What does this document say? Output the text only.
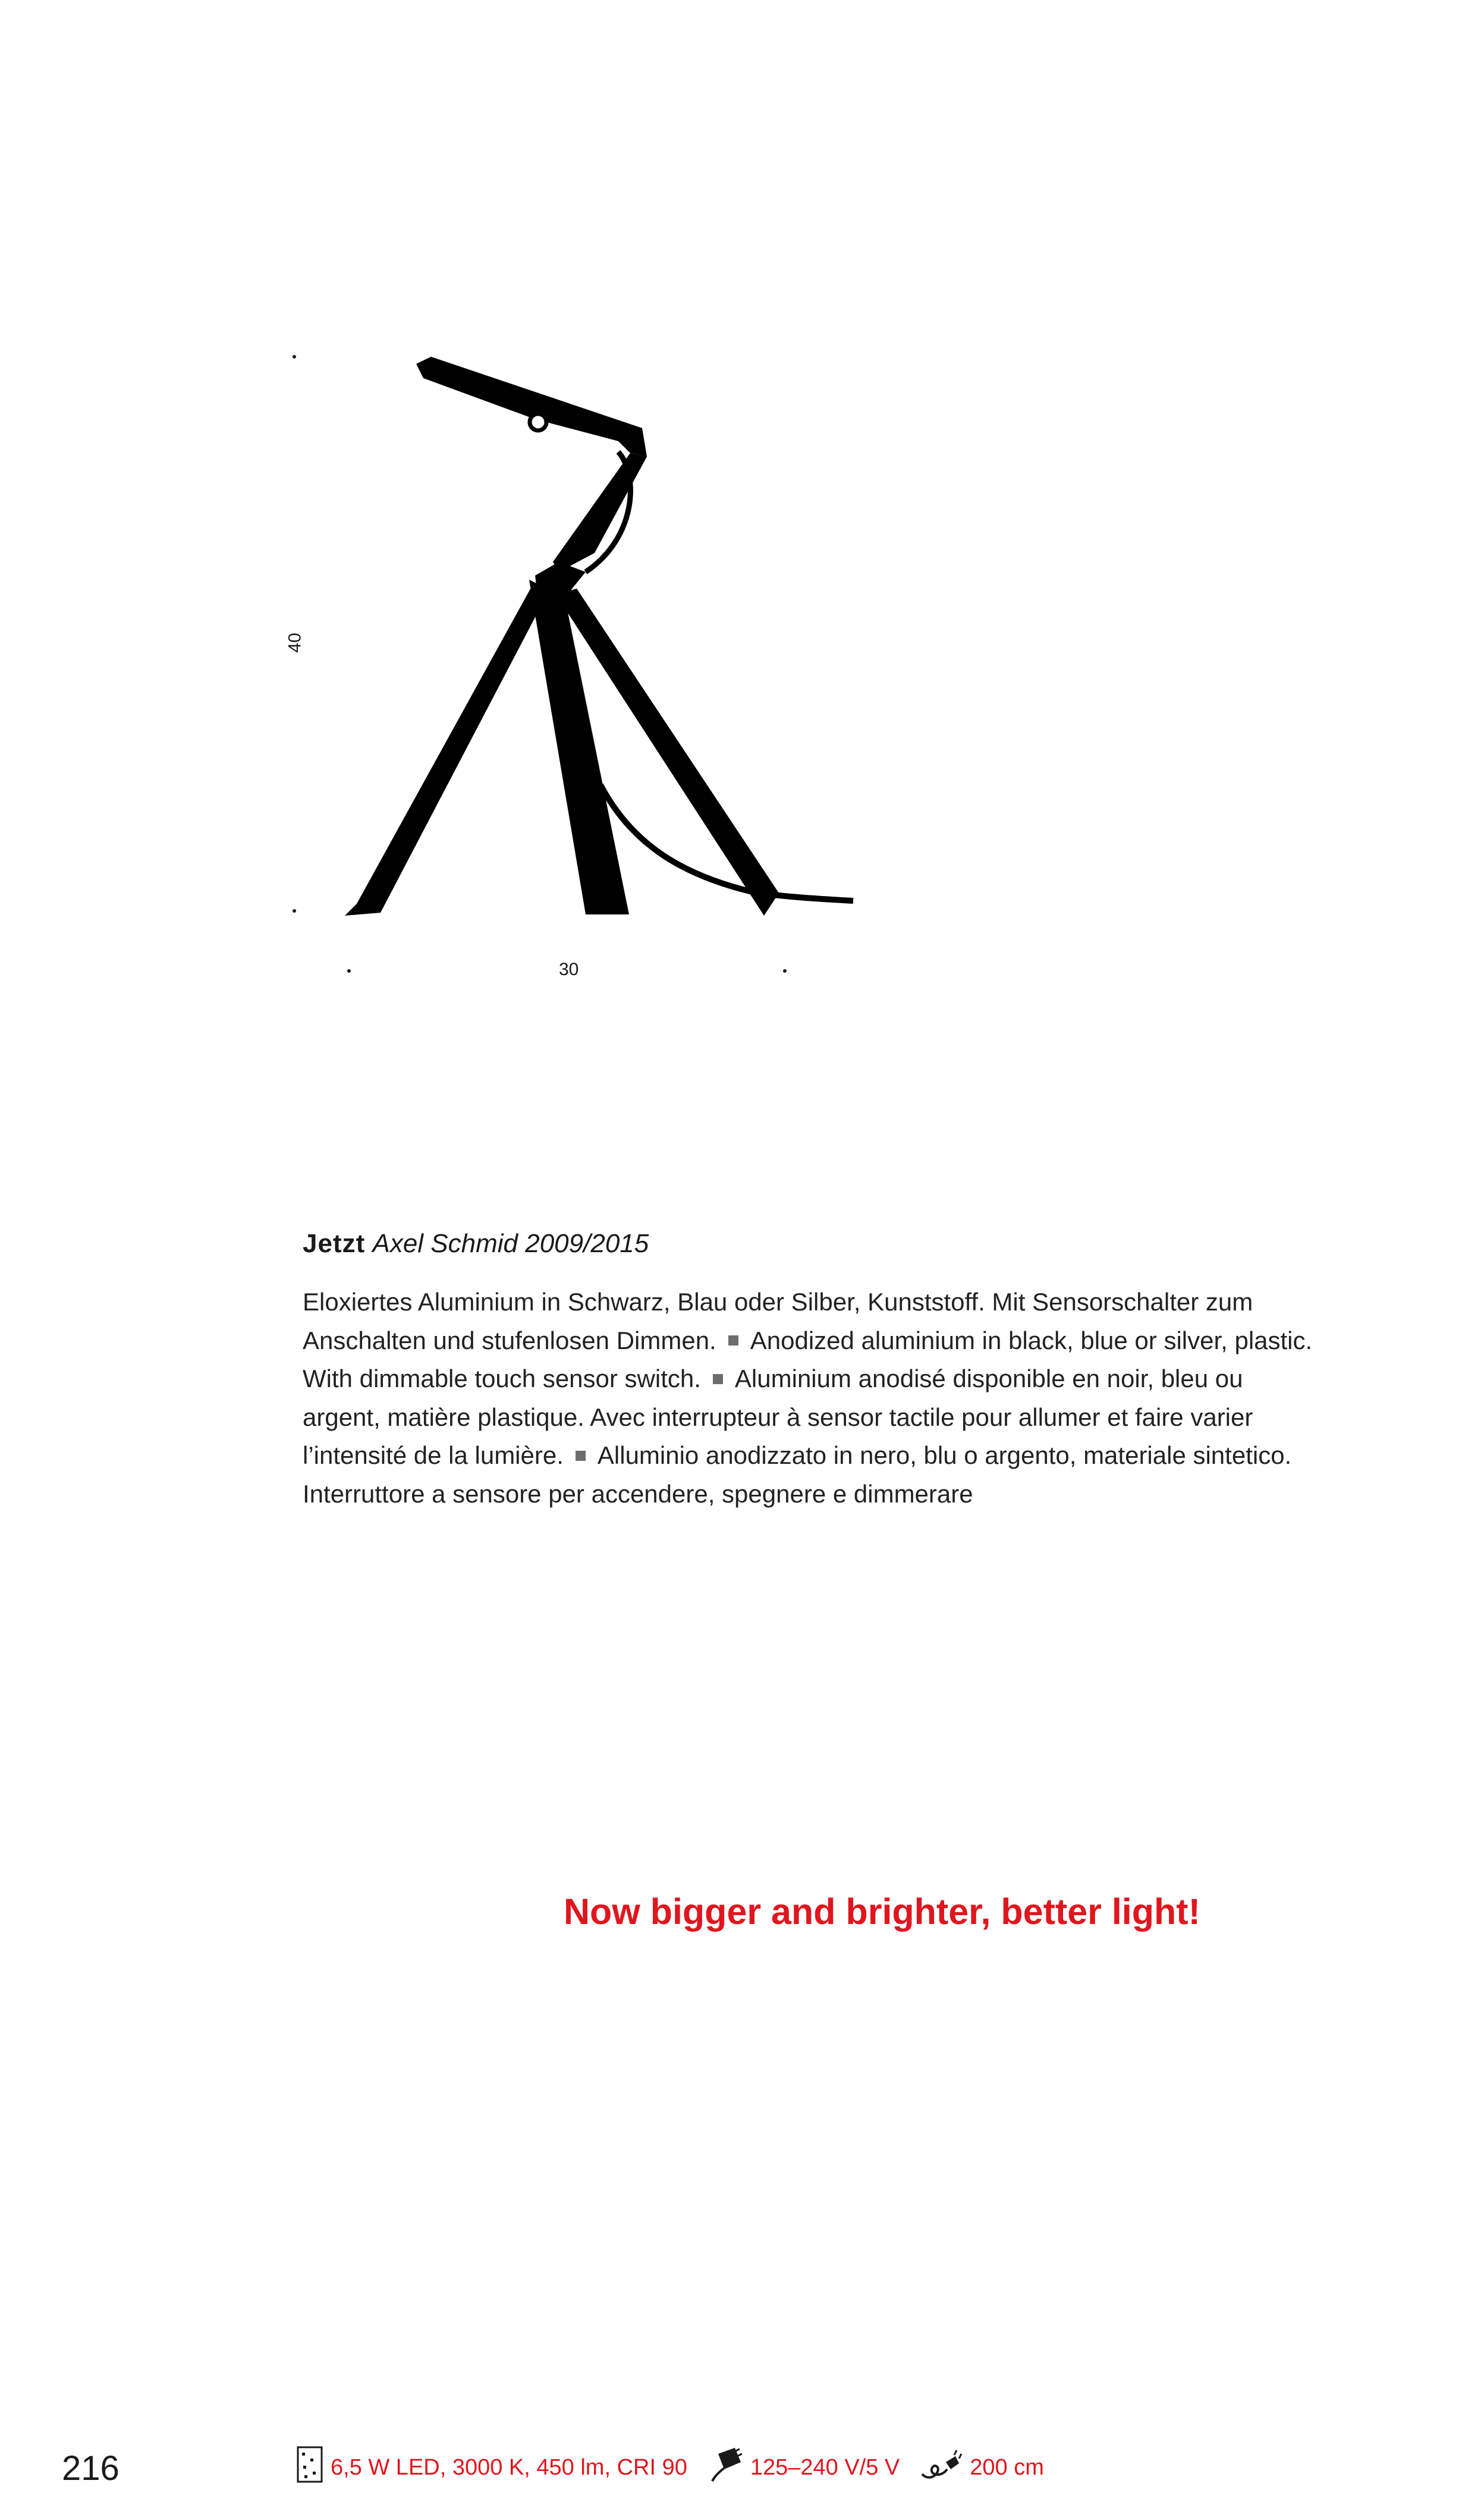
40
30
Jetzt Axel Schmid 2009/2015
Eloxiertes Aluminium in Schwarz, Blau oder Silber, Kunststoff. Mit Sensorschalter zum Anschalten und stufenlosen Dimmen. Anodized aluminium in black, blue or silver, plastic. With dimmable touch sensor switch. Aluminium anodisé disponible en noir, bleu ou argent, matière plastique. Avec interrupteur à sensor tactile pour allumer et faire varier l’intensité de la lumière. Alluminio anodizzato in nero, blu o argento, materiale sintetico. Interruttore a sensore per accendere, spegnere e dimmerare
Now bigger and brighter, better light!
216	6,5 W LED, 3000 K, 450 lm, CRI 90	125–240 V/5 V	200 cm
